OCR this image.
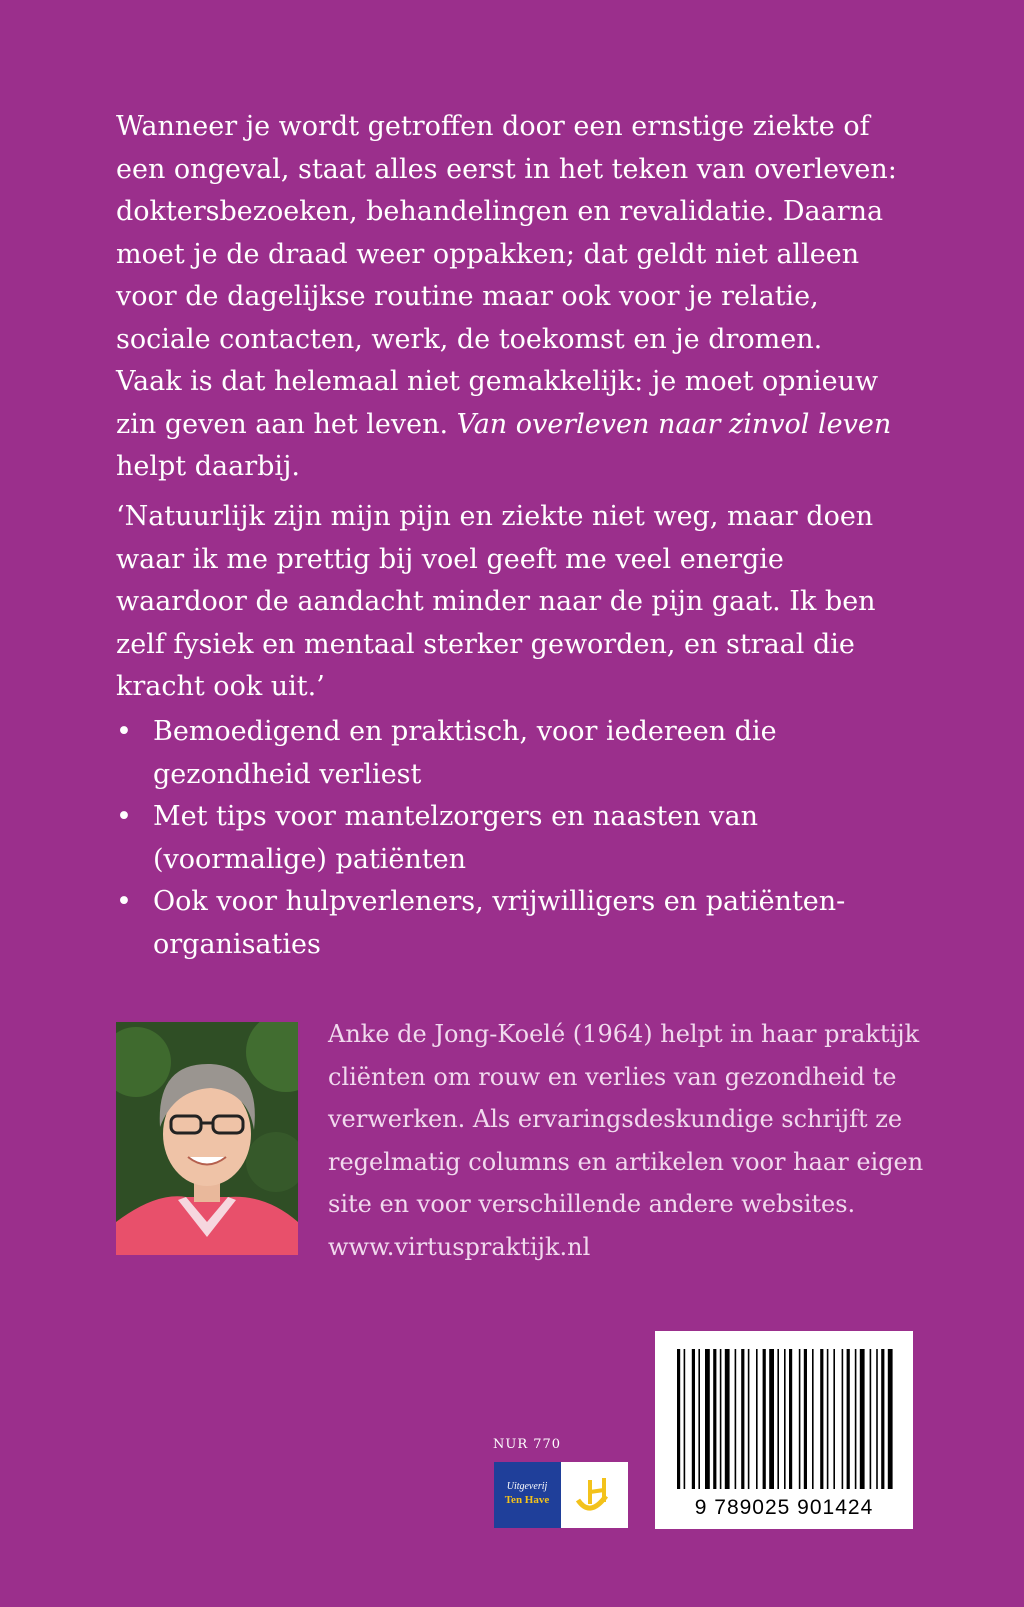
Wanneer je wordt getroffen door een ernstige ziekte of een ongeval, staat alles eerst in het teken van overleven: doktersbezoeken, behandelingen en revalidatie. Daarna moet je de draad weer oppakken; dat geldt niet alleen voor de dagelijkse routine maar ook voor je relatie, sociale contacten, werk, de toekomst en je dromen.

Vaak is dat helemaal niet gemakkelijk: je moet opnieuw zin geven aan het leven. Van overleven naar zinvol leven helpt daarbij.

‘Natuurlijk zijn mijn pijn en ziekte niet weg, maar doen waar ik me prettig bij voel geeft me veel energie waardoor de aandacht minder naar de pijn gaat. Ik ben zelf fysiek en mentaal sterker geworden, en straal die kracht ook uit.’

• Bemoedigend en praktisch, voor iedereen die gezondheid verliest
• Met tips voor mantelzorgers en naasten van (voormalige) patiënten
• Ook voor hulpverleners, vrijwilligers en patiëntenorganisaties
Anke de Jong-Koelé (1964) helpt in haar praktijk cliënten om rouw en verlies van gezondheid te verwerken. Als ervaringsdeskundige schrijft ze regelmatig columns en artikelen voor haar eigen site en voor verschillende andere websites.
www.virtuspraktijk.nl
NUR 770
Uitgeverij
Ten Have	9 789025 901424
